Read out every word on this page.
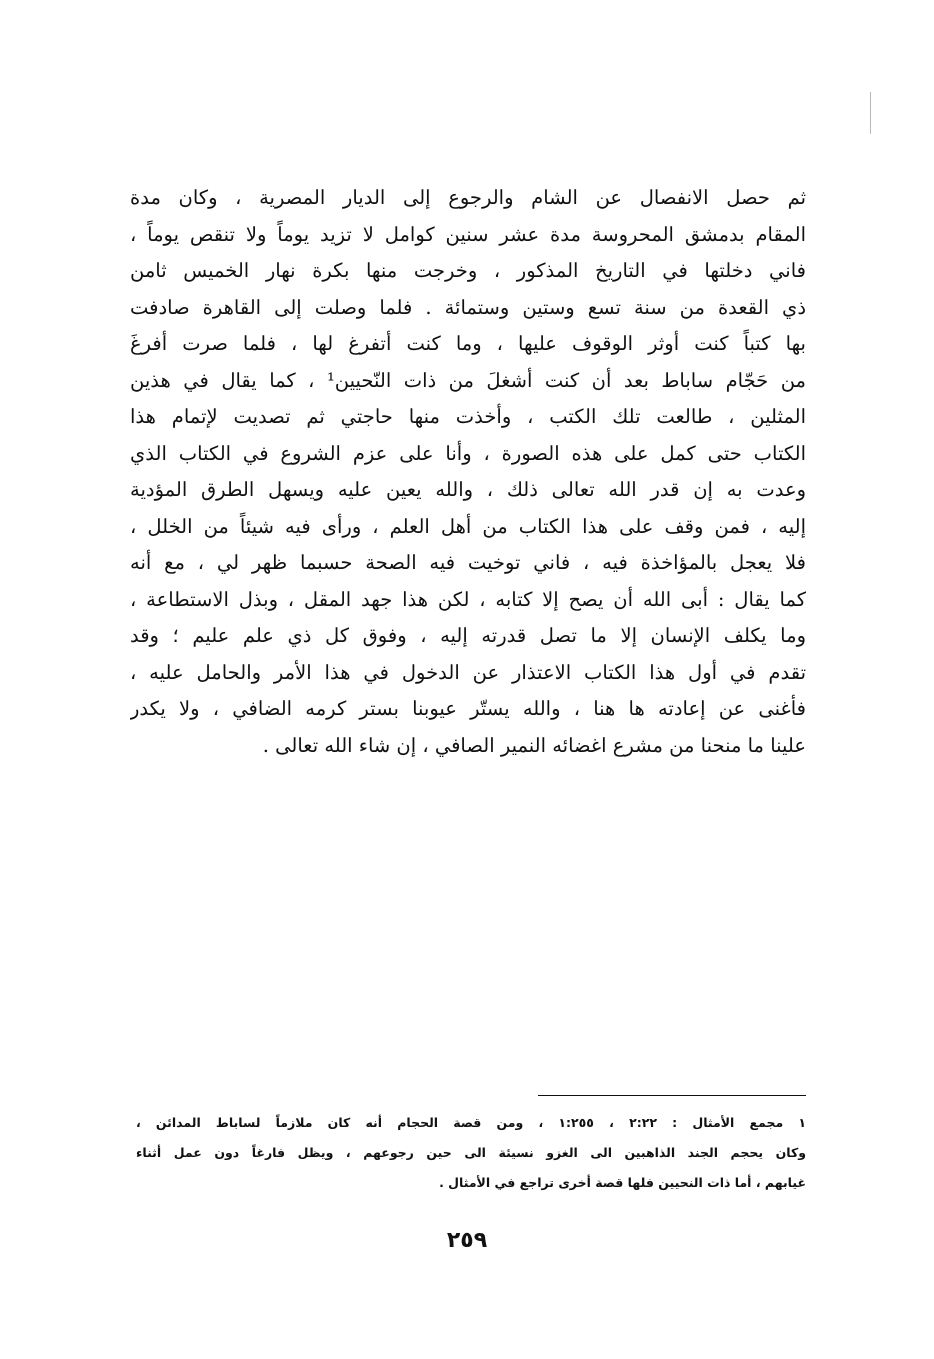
ثم حصل الانفصال عن الشام والرجوع إلى الديار المصرية ، وكان مدة
المقام بدمشق المحروسة مدة عشر سنين كوامل لا تزيد يوماً ولا تنقص يوماً ،
فاني دخلتها في التاريخ المذكور ، وخرجت منها بكرة نهار الخميس ثامن
ذي القعدة من سنة تسع وستين وستمائة . فلما وصلت إلى القاهرة صادفت
بها كتباً كنت أوثر الوقوف عليها ، وما كنت أتفرغ لها ، فلما صرت أفرغَ
من حَجّام ساباط بعد أن كنت أشغلَ من ذات النّحيين¹ ، كما يقال في هذين
المثلين ، طالعت تلك الكتب ، وأخذت منها حاجتي ثم تصديت لإتمام هذا
الكتاب حتى كمل على هذه الصورة ، وأنا على عزم الشروع في الكتاب الذي
وعدت به إن قدر الله تعالى ذلك ، والله يعين عليه ويسهل الطرق المؤدية
إليه ، فمن وقف على هذا الكتاب من أهل العلم ، ورأى فيه شيئاً من الخلل ،
فلا يعجل بالمؤاخذة فيه ، فاني توخيت فيه الصحة حسبما ظهر لي ، مع أنه
كما يقال : أبى الله أن يصح إلا كتابه ، لكن هذا جهد المقل ، وبذل الاستطاعة ،
وما يكلف الإنسان إلا ما تصل قدرته إليه ، وفوق كل ذي علم عليم ؛ وقد
تقدم في أول هذا الكتاب الاعتذار عن الدخول في هذا الأمر والحامل عليه ،
فأغنى عن إعادته ها هنا ، والله يستّر عيوبنا بستر كرمه الضافي ، ولا يكدر
علينا ما منحنا من مشرع اغضائه النمير الصافي ، إن شاء الله تعالى .
١ مجمع الأمثال : ٢:٢٢ ، ١:٢٥٥ ، ومن قصة الحجام أنه كان ملازماً لساباط المدائن ،
وكان يحجم الجند الذاهبين الى الغزو نسيئة الى حين رجوعهم ، ويظل فارغاً دون عمل أثناء
غيابهم ، أما ذات النحيين فلها قصة أخرى تراجع في الأمثال .
٢٥٩
